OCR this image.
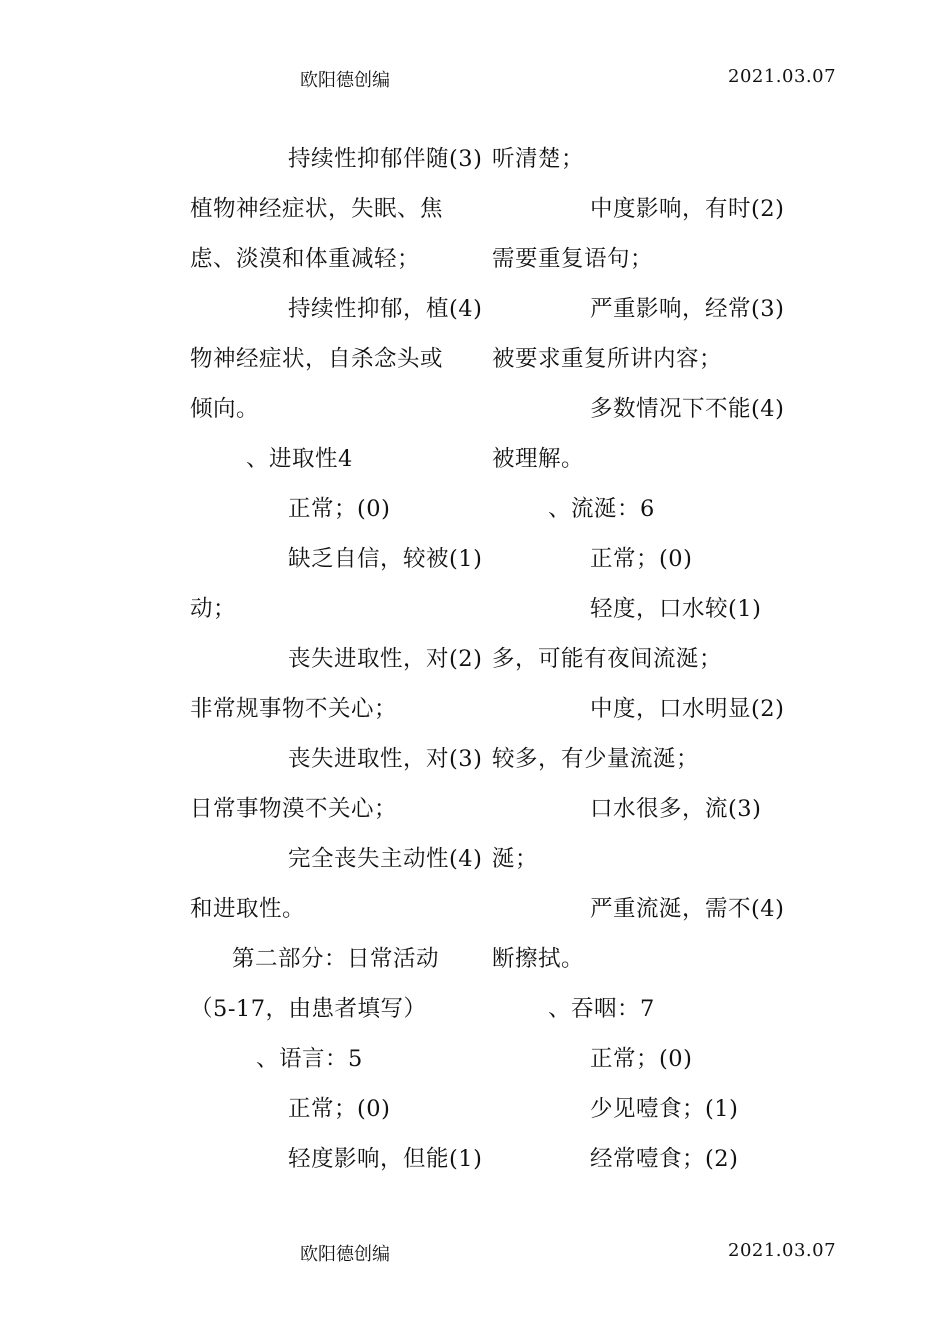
欧阳德创编	2021.03.07
持续性抑郁伴随(3)
植物神经症状，失眠、焦
虑、淡漠和体重减轻；
持续性抑郁，植(4)
物神经症状，自杀念头或
倾向。
、进取性4
正常；(0)
缺乏自信，较被(1)
动；
丧失进取性，对(2)
非常规事物不关心；
丧失进取性，对(3)
日常事物漠不关心；
完全丧失主动性(4)
和进取性。
第二部分：日常活动
（5-17，由患者填写）
、语言：5
正常；(0)
轻度影响，但能(1)
听清楚；
中度影响，有时(2)
需要重复语句；
严重影响，经常(3)
被要求重复所讲内容；
多数情况下不能(4)
被理解。
、流涎：6
正常；(0)
轻度，口水较(1)
多，可能有夜间流涎；
中度，口水明显(2)
较多，有少量流涎；
口水很多，流(3)
涎；
严重流涎，需不(4)
断擦拭。
、吞咽：7
正常；(0)
少见噎食；(1)
经常噎食；(2)
欧阳德创编	2021.03.07
